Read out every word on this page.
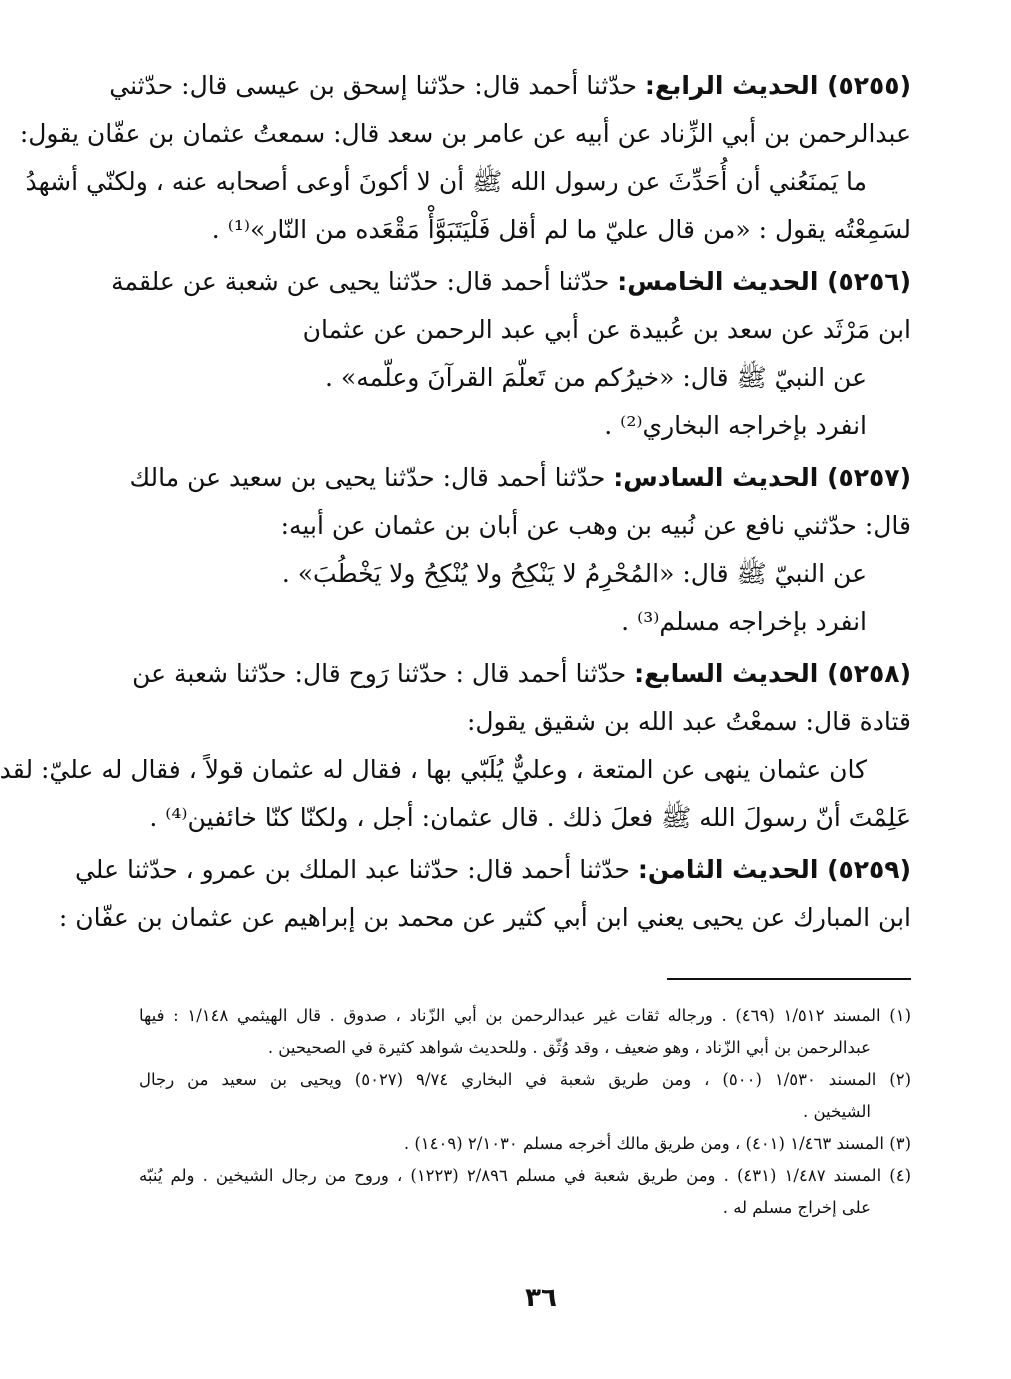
(٥٢٥٥) الحديث الرابع: حدّثنا أحمد قال: حدّثنا إسحق بن عيسى قال: حدّثني
عبدالرحمن بن أبي الزِّناد عن أبيه عن عامر بن سعد قال: سمعتُ عثمان بن عفّان يقول:
ما يَمنَعُني أن أُحَدِّثَ عن رسول الله ﷺ أن لا أكونَ أوعى أصحابه عنه ، ولكنّي أشهدُ
لسَمِعْتُه يقول : «من قال عليّ ما لم أقل فَلْيَتَبَوَّأْ مَقْعَده من النّار»⁽¹⁾ .
(٥٢٥٦) الحديث الخامس: حدّثنا أحمد قال: حدّثنا يحيى عن شعبة عن علقمة
ابن مَرْثَد عن سعد بن عُبيدة عن أبي عبد الرحمن عن عثمان
عن النبيّ ﷺ قال: «خيرُكم من تَعلّمَ القرآنَ وعلّمه» .
انفرد بإخراجه البخاري⁽²⁾ .
(٥٢٥٧) الحديث السادس: حدّثنا أحمد قال: حدّثنا يحيى بن سعيد عن مالك
قال: حدّثني نافع عن نُبيه بن وهب عن أبان بن عثمان عن أبيه:
عن النبيّ ﷺ قال: «المُحْرِمُ لا يَنْكِحُ ولا يُنْكِحُ ولا يَخْطُبَ» .
انفرد بإخراجه مسلم⁽³⁾ .
(٥٢٥٨) الحديث السابع: حدّثنا أحمد قال : حدّثنا رَوح قال: حدّثنا شعبة عن
قتادة قال: سمعْتُ عبد الله بن شقيق يقول:
كان عثمان ينهى عن المتعة ، وعليٌّ يُلَبّي بها ، فقال له عثمان قولاً ، فقال له عليّ: لقد
عَلِمْتَ أنّ رسولَ الله ﷺ فعلَ ذلك . قال عثمان: أجل ، ولكنّا كنّا خائفين⁽⁴⁾ .
(٥٢٥٩) الحديث الثامن: حدّثنا أحمد قال: حدّثنا عبد الملك بن عمرو ، حدّثنا علي
ابن المبارك عن يحيى يعني ابن أبي كثير عن محمد بن إبراهيم عن عثمان بن عفّان :
(١) المسند ١/٥١٢ (٤٦٩) . ورجاله ثقات غير عبدالرحمن بن أبي الزّناد ، صدوق . قال الهيثمي ١/١٤٨ : فيها
عبدالرحمن بن أبي الزّناد ، وهو ضعيف ، وقد وُثّق . وللحديث شواهد كثيرة في الصحيحين .
(٢) المسند ١/٥٣٠ (٥٠٠) ، ومن طريق شعبة في البخاري ٩/٧٤ (٥٠٢٧) ويحيى بن سعيد من رجال
الشيخين .
(٣) المسند ١/٤٦٣ (٤٠١) ، ومن طريق مالك أخرجه مسلم ٢/١٠٣٠ (١٤٠٩) .
(٤) المسند ١/٤٨٧ (٤٣١) . ومن طريق شعبة في مسلم ٢/٨٩٦ (١٢٢٣) ، وروح من رجال الشيخين . ولم يُنبّه
على إخراج مسلم له .
٣٦
